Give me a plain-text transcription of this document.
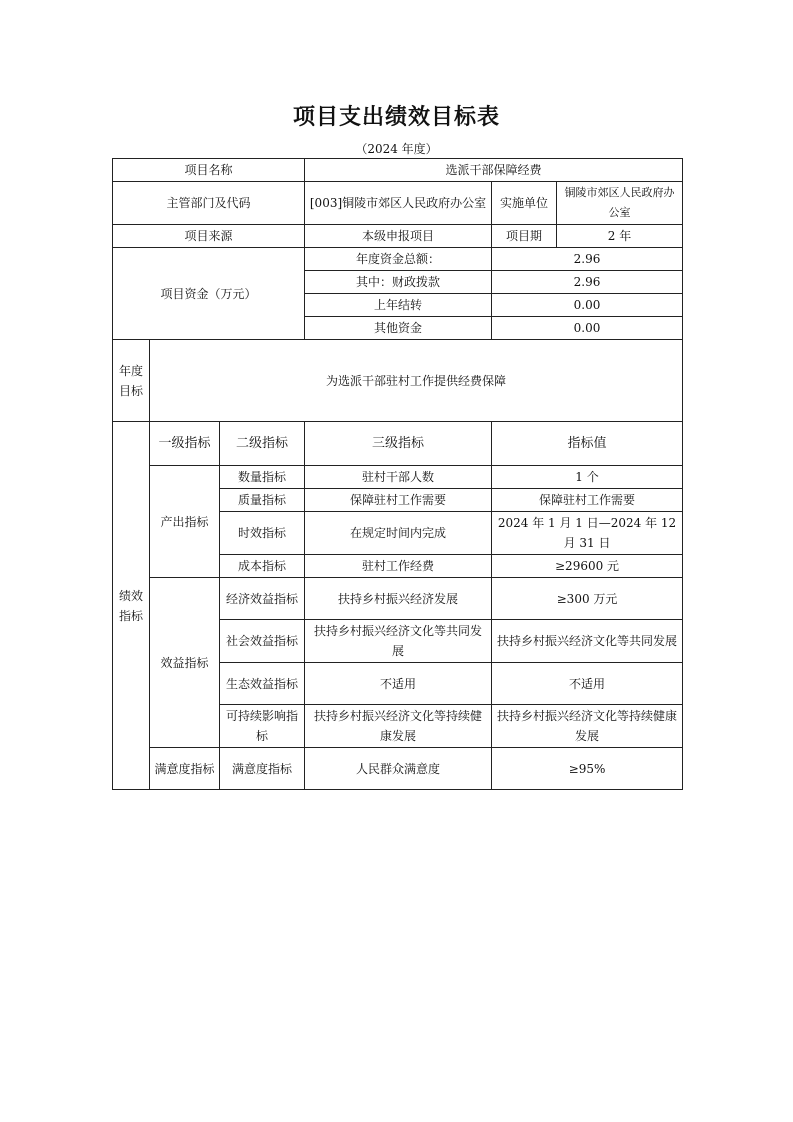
项目支出绩效目标表
（2024 年度）
项目名称			选派干部保障经费		
主管部门及代码			[003]铜陵市郊区人民政府办公室	实施单位	铜陵市郊区人民政府办公室
项目来源			本级申报项目	项目期	2 年
项目资金（万元）			年度资金总额：	2.96	
			其中：财政拨款	2.96	
			上年结转	0.00	
			其他资金	0.00	
年度目标	为选派干部驻村工作提供经费保障				
绩效指标	一级指标	二级指标	三级指标	指标值	
	产出指标	数量指标	驻村干部人数	1 个	
		质量指标	保障驻村工作需要	保障驻村工作需要	
		时效指标	在规定时间内完成	2024 年 1 月 1 日—2024 年 12 月 31 日	
		成本指标	驻村工作经费	≥29600 元	
	效益指标	经济效益指标	扶持乡村振兴经济发展	≥300 万元	
		社会效益指标	扶持乡村振兴经济文化等共同发展	扶持乡村振兴经济文化等共同发展	
		生态效益指标	不适用	不适用	
		可持续影响指标	扶持乡村振兴经济文化等持续健康发展	扶持乡村振兴经济文化等持续健康发展	
	满意度指标	满意度指标	人民群众满意度	≥95%	
